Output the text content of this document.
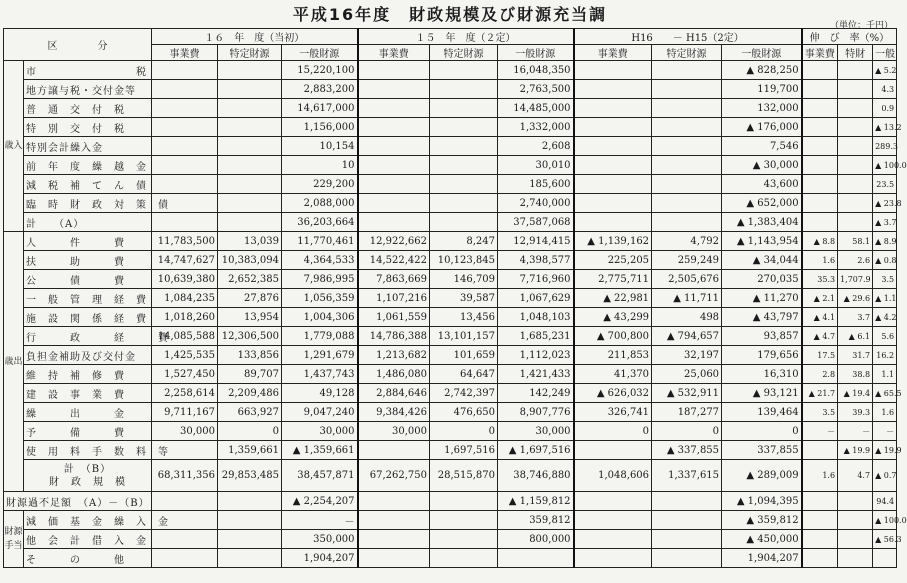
平成16年度　財政規模及び財源充当調
（単位：千円）
区　　　　分		１６　年　度（当初）			１５　年　度（２定）			H16　　－ H15（2定）			伸　び　率（%）		
		事業費	特定財源	一般財源	事業費	特定財源	一般財源	事業費	特定財源	一般財源	事業費	特財	一般
歳入	市　　　　　　　　　税			15,220,100			16,048,350			▲ 828,250			▲ 5.2
	地方譲与税・交付金等			2,883,200			2,763,500			119,700			4.3
	普　通　交　付　税			14,617,000			14,485,000			132,000			0.9
	特　別　交　付　税			1,156,000			1,332,000			▲ 176,000			▲ 13.2
	特別会計繰入金			10,154			2,608			7,546			289.3
	前　年　度　繰　越　金			10			30,010			▲ 30,000			▲ 100.0
	減　税　補　て　ん　債			229,200			185,600			43,600			23.5
	臨　時　財　政　対　策　債			2,088,000			2,740,000			▲ 652,000			▲ 23.8
	計　　（A）			36,203,664			37,587,068			▲ 1,383,404			▲ 3.7
歳出	人　　　件　　　費	11,783,500	13,039	11,770,461	12,922,662	8,247	12,914,415	▲ 1,139,162	4,792	▲ 1,143,954	▲ 8.8	58.1	▲ 8.9
	扶　　　助　　　費	14,747,627	10,383,094	4,364,533	14,522,422	10,123,845	4,398,577	225,205	259,249	▲ 34,044	1.6	2.6	▲ 0.8
	公　　　債　　　費	10,639,380	2,652,385	7,986,995	7,863,669	146,709	7,716,960	2,775,711	2,505,676	270,035	35.3	1,707.9	3.5
	一　般　管　理　経　費	1,084,235	27,876	1,056,359	1,107,216	39,587	1,067,629	▲ 22,981	▲ 11,711	▲ 11,270	▲ 2.1	▲ 29.6	▲ 1.1
	施　設　関　係　経　費	1,018,260	13,954	1,004,306	1,061,559	13,456	1,048,103	▲ 43,299	498	▲ 43,797	▲ 4.1	3.7	▲ 4.2
	行　　　政　　　経　　　費	14,085,588	12,306,500	1,779,088	14,786,388	13,101,157	1,685,231	▲ 700,800	▲ 794,657	93,857	▲ 4.7	▲ 6.1	5.6
	負担金補助及び交付金	1,425,535	133,856	1,291,679	1,213,682	101,659	1,112,023	211,853	32,197	179,656	17.5	31.7	16.2
	維　持　補　修　費	1,527,450	89,707	1,437,743	1,486,080	64,647	1,421,433	41,370	25,060	16,310	2.8	38.8	1.1
	建　設　事　業　費	2,258,614	2,209,486	49,128	2,884,646	2,742,397	142,249	▲ 626,032	▲ 532,911	▲ 93,121	▲ 21.7	▲ 19.4	▲ 65.5
	繰　　　出　　　金	9,711,167	663,927	9,047,240	9,384,426	476,650	8,907,776	326,741	187,277	139,464	3.5	39.3	1.6
	予　　　備　　　費	30,000	0	30,000	30,000	0	30,000	0	0	0	－	－	－
	使　用　料　手　数　料　等		1,359,661	▲ 1,359,661		1,697,516	▲ 1,697,516		▲ 337,855	337,855		▲ 19.9	▲ 19.9

	計　（B）
財　政　規　模	68,311,356	29,853,485	38,457,871	67,262,750	28,515,870	38,746,880	1,048,606	1,337,615	▲ 289,009	1.6	4.7	▲ 0.7
財源過不足額　（A）－（B）				▲ 2,254,207			▲ 1,159,812			▲ 1,094,395			94.4
財源手当	減　価　基　金　繰　入　金			－			359,812			▲ 359,812			▲ 100.0
	他　会　計　借　入　金			350,000			800,000			▲ 450,000			▲ 56.3
	そ　　　の　　　他			1,904,207						1,904,207			
